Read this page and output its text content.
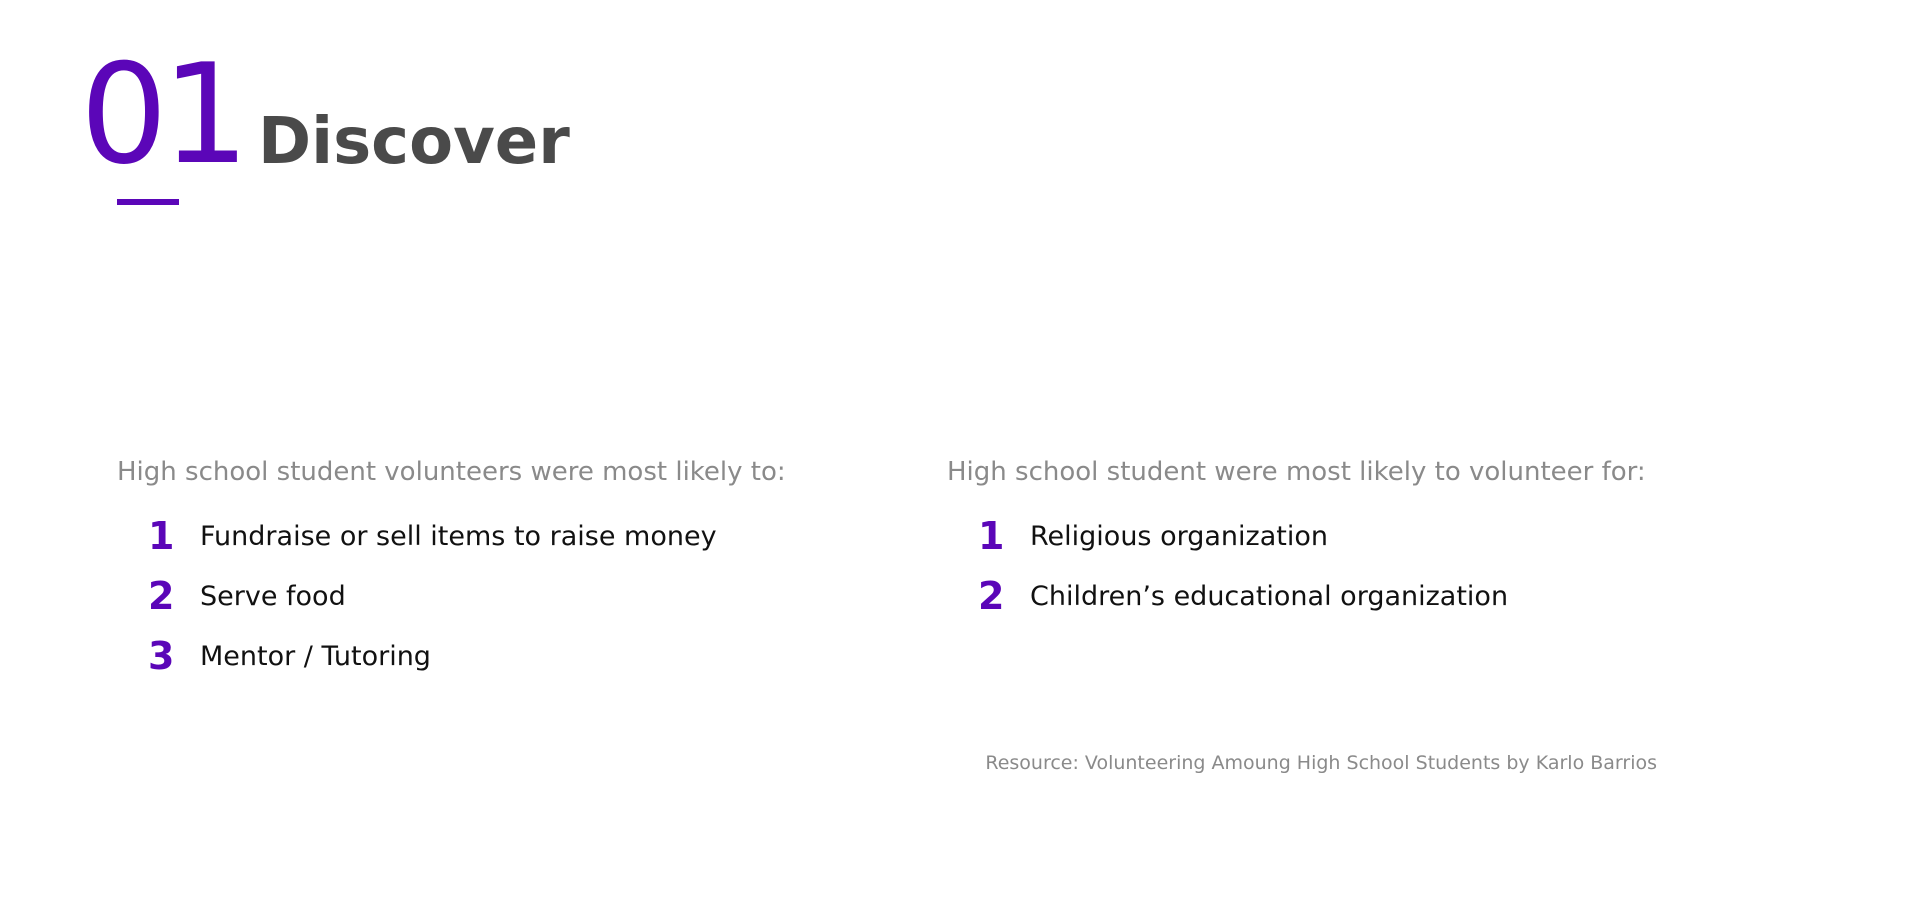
01 Discover
High school student volunteers were most likely to:
1 Fundraise or sell items to raise money
2 Serve food
3 Mentor / Tutoring
High school student were most likely to volunteer for:
1 Religious organization
2 Children’s educational organization
Resource: Volunteering Amoung High School Students by Karlo Barrios
